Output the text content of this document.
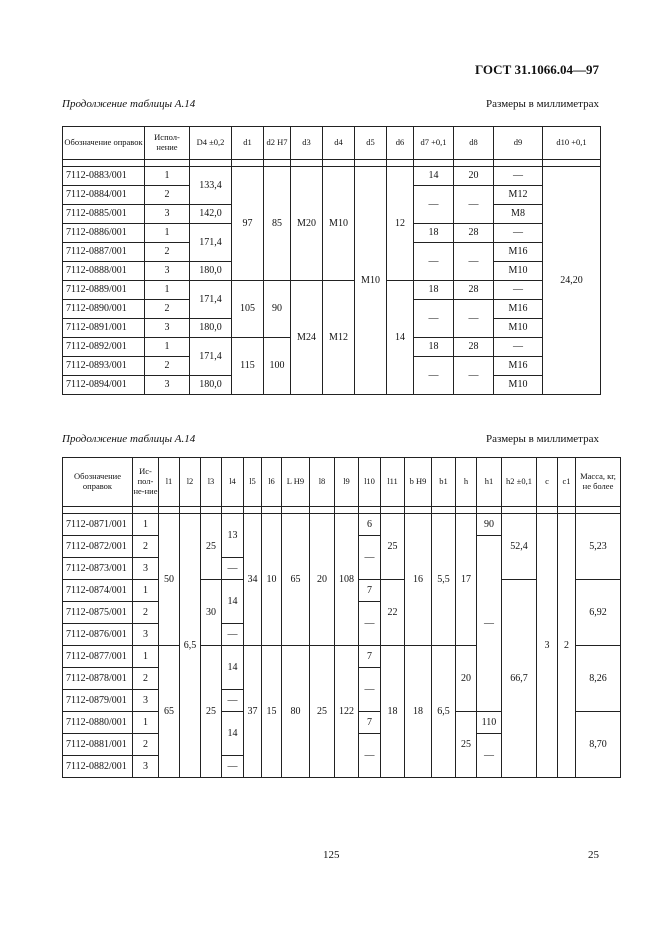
ГОСТ 31.1066.04—97
Продолжение таблицы А.14	Размеры в миллиметрах
Обозначение оправок	Испол-нение	D4 ±0,2	d1	d2 H7	d3	d4	d5	d6	d7 +0,1	d8	d9	d10 +0,1

7112-0883/001	1	133,4	97	85	M20	M10	M10	12	14	20	—	24,20
7112-0884/001	2								—	—	M12	
7112-0885/001	3	142,0									M8	
7112-0886/001	1	171,4							18	28	—	
7112-0887/001	2								—	—	M16	
7112-0888/001	3	180,0									M10	
7112-0889/001	1	171,4	105	90	M24	M12		14	18	28	—	
7112-0890/001	2								—	—	M16	
7112-0891/001	3	180,0									M10	
7112-0892/001	1	171,4	115	100					18	28	—	
7112-0893/001	2								—	—	M16	
7112-0894/001	3	180,0									M10	
Продолжение таблицы А.14	Размеры в миллиметрах
Обозначение оправок	Ис-пол-не-ние	l1	l2	l3	l4	l5	l6	L H9	l8	l9	l10	l11	b H9	b1	h	h1	h2 ±0,1	c	c1	Масса, кг, не более

7112-0871/001	1	50	6,5	25	13	34	10	65	20	108	6	25	16	5,5	17	90	52,4	3	2	5,23
7112-0872/001	2										—					—				
7112-0873/001	3				—															
7112-0874/001	1			30	14						7	22					66,7			6,92
7112-0875/001	2										—									
7112-0876/001	3				—															
7112-0877/001	1	65		25	14	37	15	80	25	122	7	18	18	6,5	20					8,26
7112-0878/001	2										—									
7112-0879/001	3				—															
7112-0880/001	1				14						7				25	110				8,70
7112-0881/001	2										—					—				
7112-0882/001	3				—															
125	25
